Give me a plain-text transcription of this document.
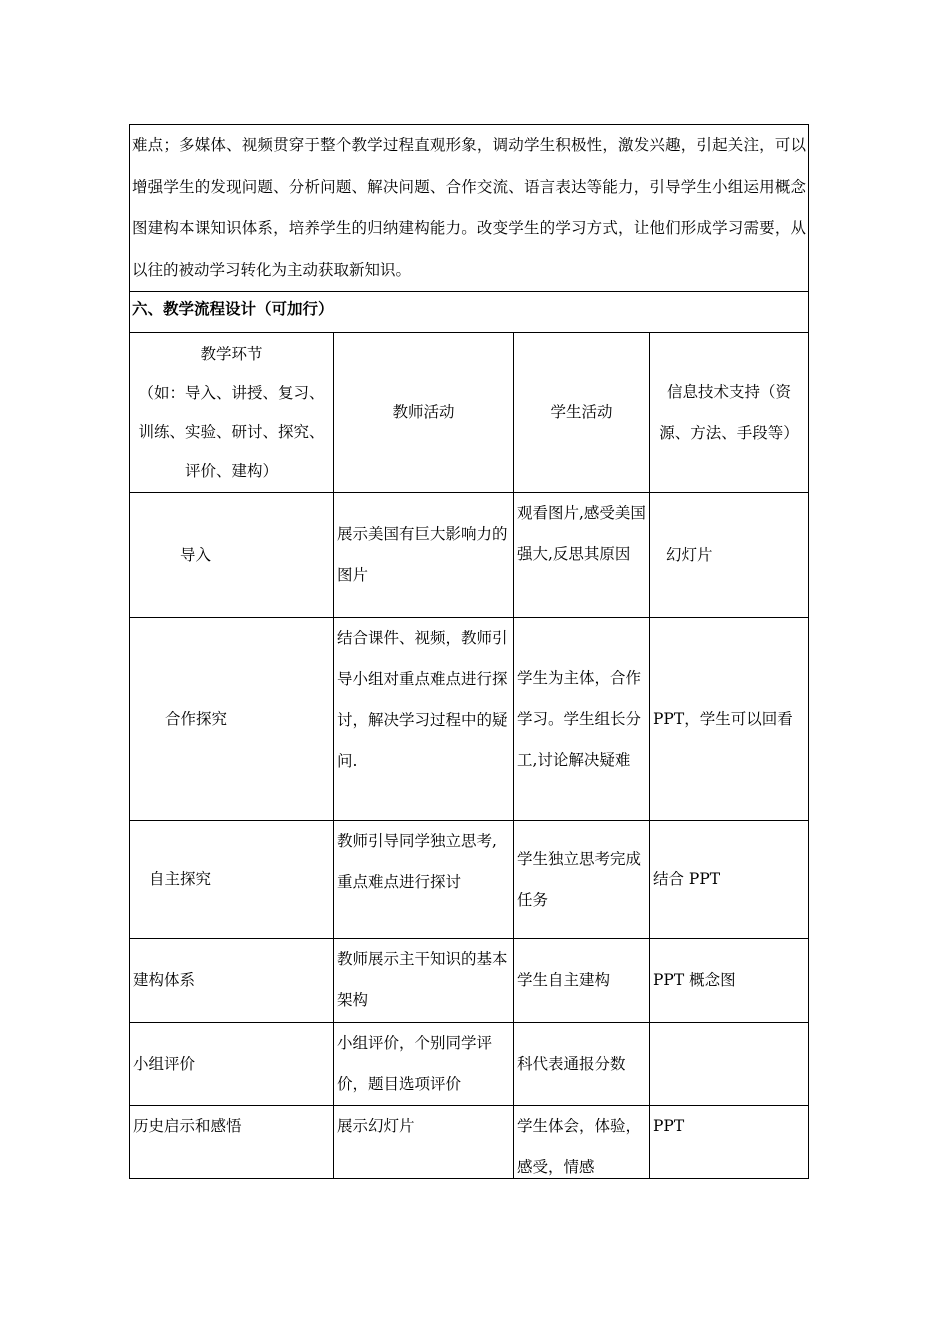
难点；多媒体、视频贯穿于整个教学过程直观形象，调动学生积极性，激发兴趣，引起关注，可以增强学生的发现问题、分析问题、解决问题、合作交流、语言表达等能力，引导学生小组运用概念图建构本课知识体系，培养学生的归纳建构能力。改变学生的学习方式，让他们形成学习需要，从以往的被动学习转化为主动获取新知识。			
六、教学流程设计（可加行）			

教学环节
（如：导入、讲授、复习、训练、实验、研讨、探究、评价、建构）	教师活动	学生活动	信息技术支持（资源、方法、手段等）
导入	展示美国有巨大影响力的图片	观看图片,感受美国强大,反思其原因	幻灯片
合作探究	结合课件、视频，教师引导小组对重点难点进行探讨，解决学习过程中的疑问.	学生为主体，合作学习。学生组长分工,讨论解决疑难	PPT，学生可以回看
自主探究	教师引导同学独立思考,重点难点进行探讨	学生独立思考完成任务	结合 PPT
建构体系	教师展示主干知识的基本架构	学生自主建构	PPT 概念图
小组评价	小组评价，个别同学评价，题目选项评价	科代表通报分数	
历史启示和感悟	展示幻灯片	学生体会，体验，感受，情感	PPT
